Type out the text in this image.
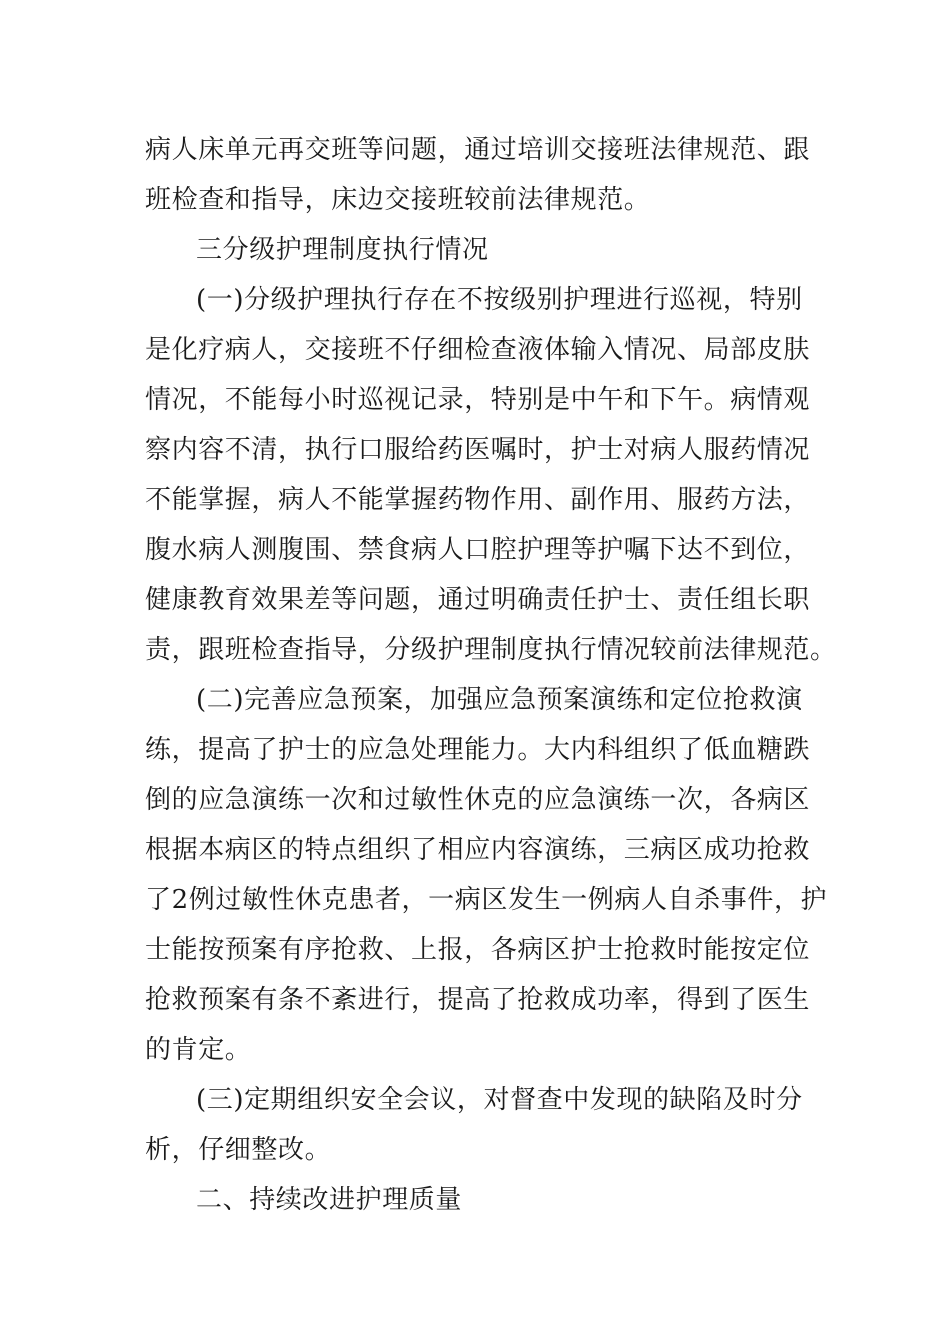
病人床单元再交班等问题，通过培训交接班法律规范、跟
班检查和指导，床边交接班较前法律规范。
三分级护理制度执行情况
(一)分级护理执行存在不按级别护理进行巡视，特别
是化疗病人，交接班不仔细检查液体输入情况、局部皮肤
情况，不能每小时巡视记录，特别是中午和下午。病情观
察内容不清，执行口服给药医嘱时，护士对病人服药情况
不能掌握，病人不能掌握药物作用、副作用、服药方法，
腹水病人测腹围、禁食病人口腔护理等护嘱下达不到位，
健康教育效果差等问题，通过明确责任护士、责任组长职
责，跟班检查指导，分级护理制度执行情况较前法律规范。
(二)完善应急预案，加强应急预案演练和定位抢救演
练，提高了护士的应急处理能力。大内科组织了低血糖跌
倒的应急演练一次和过敏性休克的应急演练一次，各病区
根据本病区的特点组织了相应内容演练，三病区成功抢救
了2例过敏性休克患者，一病区发生一例病人自杀事件，护
士能按预案有序抢救、上报，各病区护士抢救时能按定位
抢救预案有条不紊进行，提高了抢救成功率，得到了医生
的肯定。
(三)定期组织安全会议，对督查中发现的缺陷及时分
析，仔细整改。
二、持续改进护理质量
